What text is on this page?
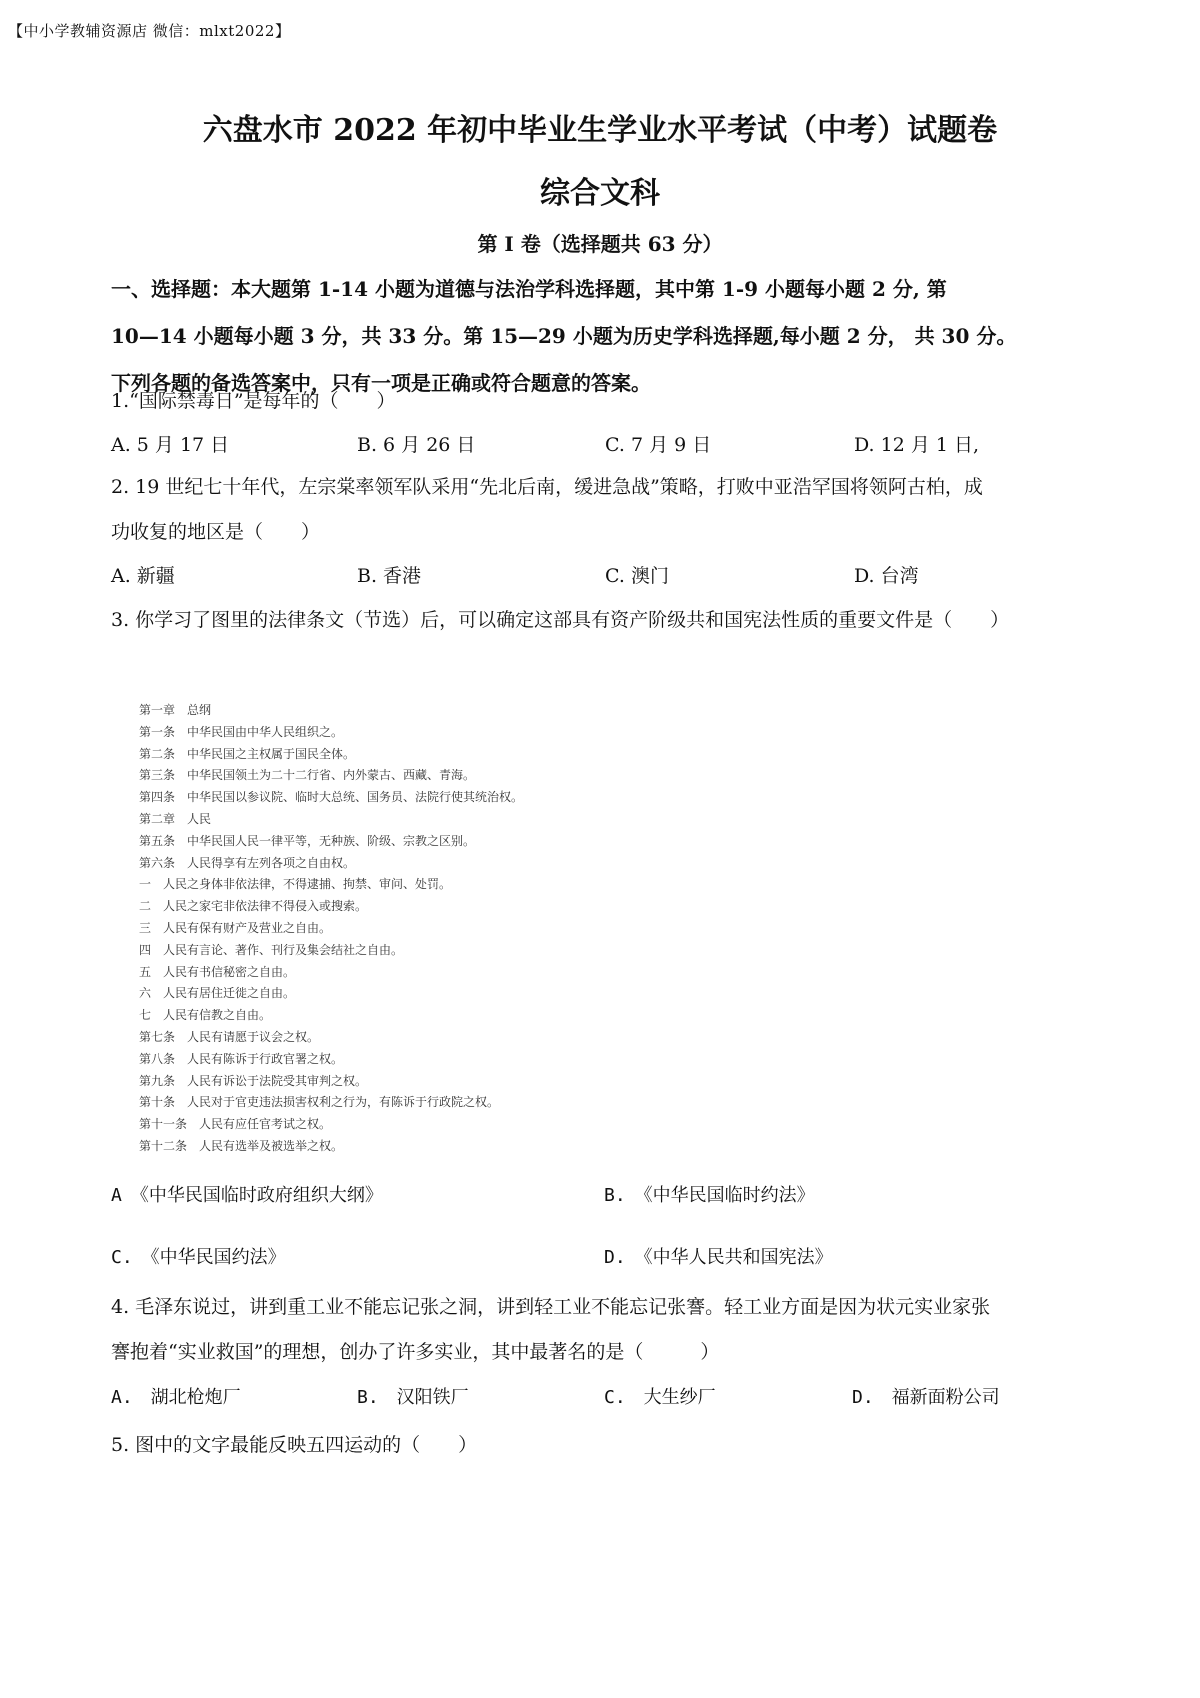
【中小学教辅资源店 微信：mlxt2022】
六盘水市 2022 年初中毕业生学业水平考试（中考）试题卷
综合文科
第 I 卷（选择题共 63 分）
一、选择题：本大题第 1-14 小题为道德与法治学科选择题，其中第 1-9 小题每小题 2 分, 第
10—14 小题每小题 3 分，共 33 分。第 15—29 小题为历史学科选择题,每小题 2 分， 共 30 分。
下列各题的备选答案中，只有一项是正确或符合题意的答案。
1.“国际禁毒日”是每年的（　　）
A. 5 月 17 日	B. 6 月 26 日	C. 7 月 9 日	D. 12 月 1 日,
2. 19 世纪七十年代，左宗棠率领军队采用“先北后南，缓进急战”策略，打败中亚浩罕国将领阿古柏，成
功收复的地区是（　　）
A. 新疆	B. 香港	C. 澳门	D. 台湾
3. 你学习了图里的法律条文（节选）后，可以确定这部具有资产阶级共和国宪法性质的重要文件是（　　）
第一章　总纲
第一条　中华民国由中华人民组织之。
第二条　中华民国之主权属于国民全体。
第三条　中华民国领土为二十二行省、内外蒙古、西藏、青海。
第四条　中华民国以参议院、临时大总统、国务员、法院行使其统治权。
第二章　人民
第五条　中华民国人民一律平等，无种族、阶级、宗教之区别。
第六条　人民得享有左列各项之自由权。
一　人民之身体非依法律，不得逮捕、拘禁、审问、处罚。
二　人民之家宅非依法律不得侵入或搜索。
三　人民有保有财产及营业之自由。
四　人民有言论、著作、刊行及集会结社之自由。
五　人民有书信秘密之自由。
六　人民有居住迁徙之自由。
七　人民有信教之自由。
第七条　人民有请愿于议会之权。
第八条　人民有陈诉于行政官署之权。
第九条　人民有诉讼于法院受其审判之权。
第十条　人民对于官吏违法损害权利之行为，有陈诉于行政院之权。
第十一条　人民有应任官考试之权。
第十二条　人民有选举及被选举之权。
A　《中华民国临时政府组织大纲》	B.　《中华民国临时约法》
C.　《中华民国约法》	D.　《中华人民共和国宪法》
4. 毛泽东说过，讲到重工业不能忘记张之洞，讲到轻工业不能忘记张謇。轻工业方面是因为状元实业家张
謇抱着“实业救国”的理想，创办了许多实业，其中最著名的是（　　　）
A.　湖北枪炮厂	B.　汉阳铁厂	C.　大生纱厂	D.　福新面粉公司
5. 图中的文字最能反映五四运动的（　　）
